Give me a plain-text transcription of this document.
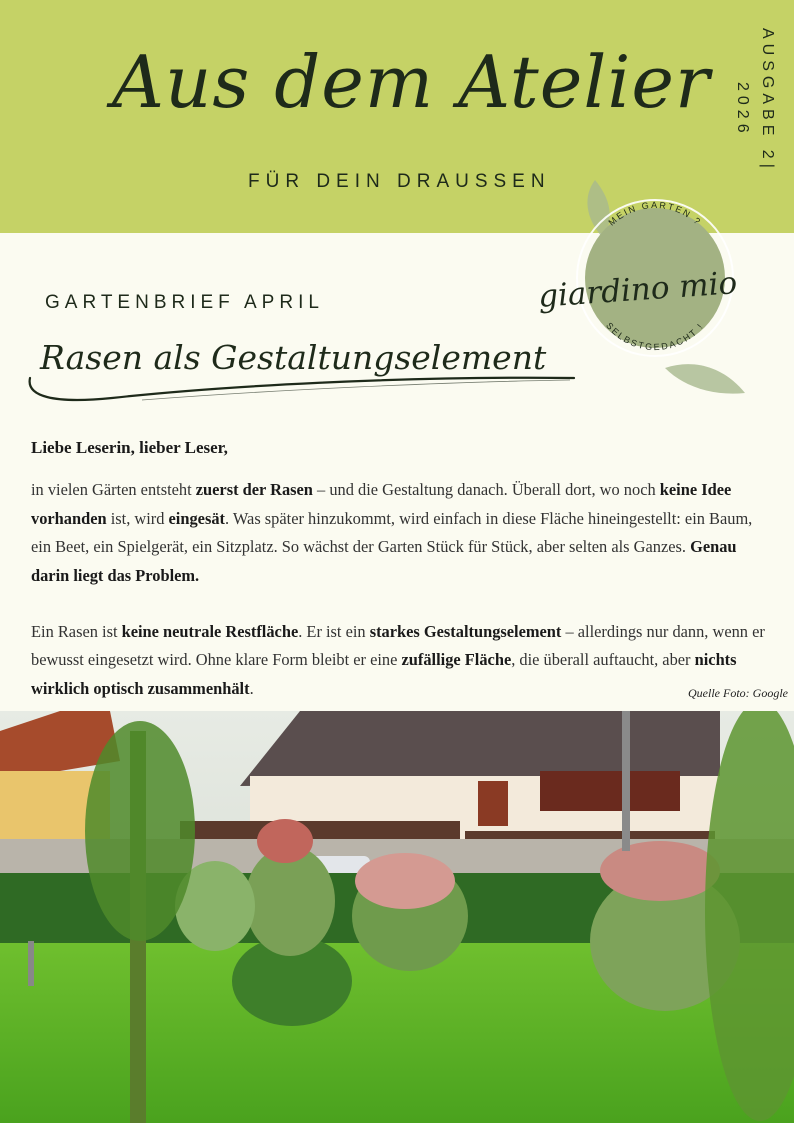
Aus dem Atelier
FÜR DEIN DRAUSSEN
AUSGABE 2|
2026
GARTENBRIEF APRIL
Rasen als Gestaltungselement
MEIN GARTEN ?
SELBSTGEDACHT !
giardino mio

Liebe Leserin, lieber Leser,

in vielen Gärten entsteht zuerst der Rasen – und die Gestaltung danach. Überall dort, wo noch keine Idee vorhanden ist, wird eingesät. Was später hinzukommt, wird einfach in diese Fläche hineingestellt: ein Baum, ein Beet, ein Spielgerät, ein Sitzplatz. So wächst der Garten Stück für Stück, aber selten als Ganzes. Genau darin liegt das Problem.

Ein Rasen ist keine neutrale Restfläche. Er ist ein starkes Gestaltungselement – allerdings nur dann, wenn er bewusst eingesetzt wird. Ohne klare Form bleibt er eine zufällige Fläche, die überall auftaucht, aber nichts wirklich optisch zusammenhält.	Quelle Foto: Google
